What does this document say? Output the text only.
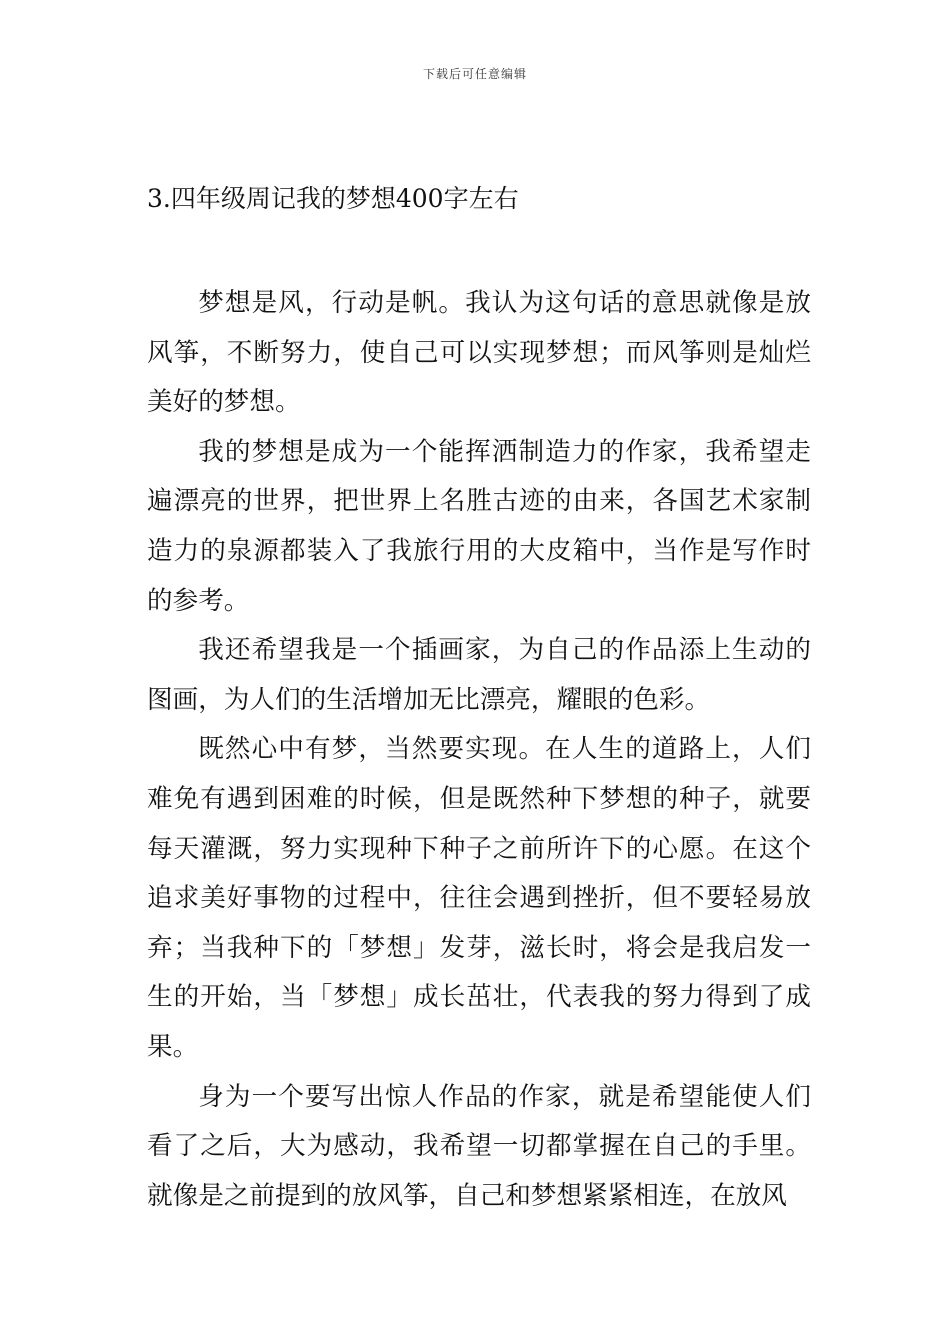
下载后可任意编辑
3.四年级周记我的梦想400字左右

梦想是风，行动是帆。我认为这句话的意思就像是放风筝，不断努力，使自己可以实现梦想；而风筝则是灿烂美好的梦想。

我的梦想是成为一个能挥洒制造力的作家，我希望走遍漂亮的世界，把世界上名胜古迹的由来，各国艺术家制造力的泉源都装入了我旅行用的大皮箱中，当作是写作时的参考。

我还希望我是一个插画家，为自己的作品添上生动的图画，为人们的生活增加无比漂亮，耀眼的色彩。

既然心中有梦，当然要实现。在人生的道路上，人们难免有遇到困难的时候，但是既然种下梦想的种子，就要每天灌溉，努力实现种下种子之前所许下的心愿。在这个追求美好事物的过程中，往往会遇到挫折，但不要轻易放弃；当我种下的「梦想」发芽，滋长时，将会是我启发一生的开始，当「梦想」成长茁壮，代表我的努力得到了成果。

身为一个要写出惊人作品的作家，就是希望能使人们看了之后，大为感动，我希望一切都掌握在自己的手里。就像是之前提到的放风筝，自己和梦想紧紧相连，在放风
